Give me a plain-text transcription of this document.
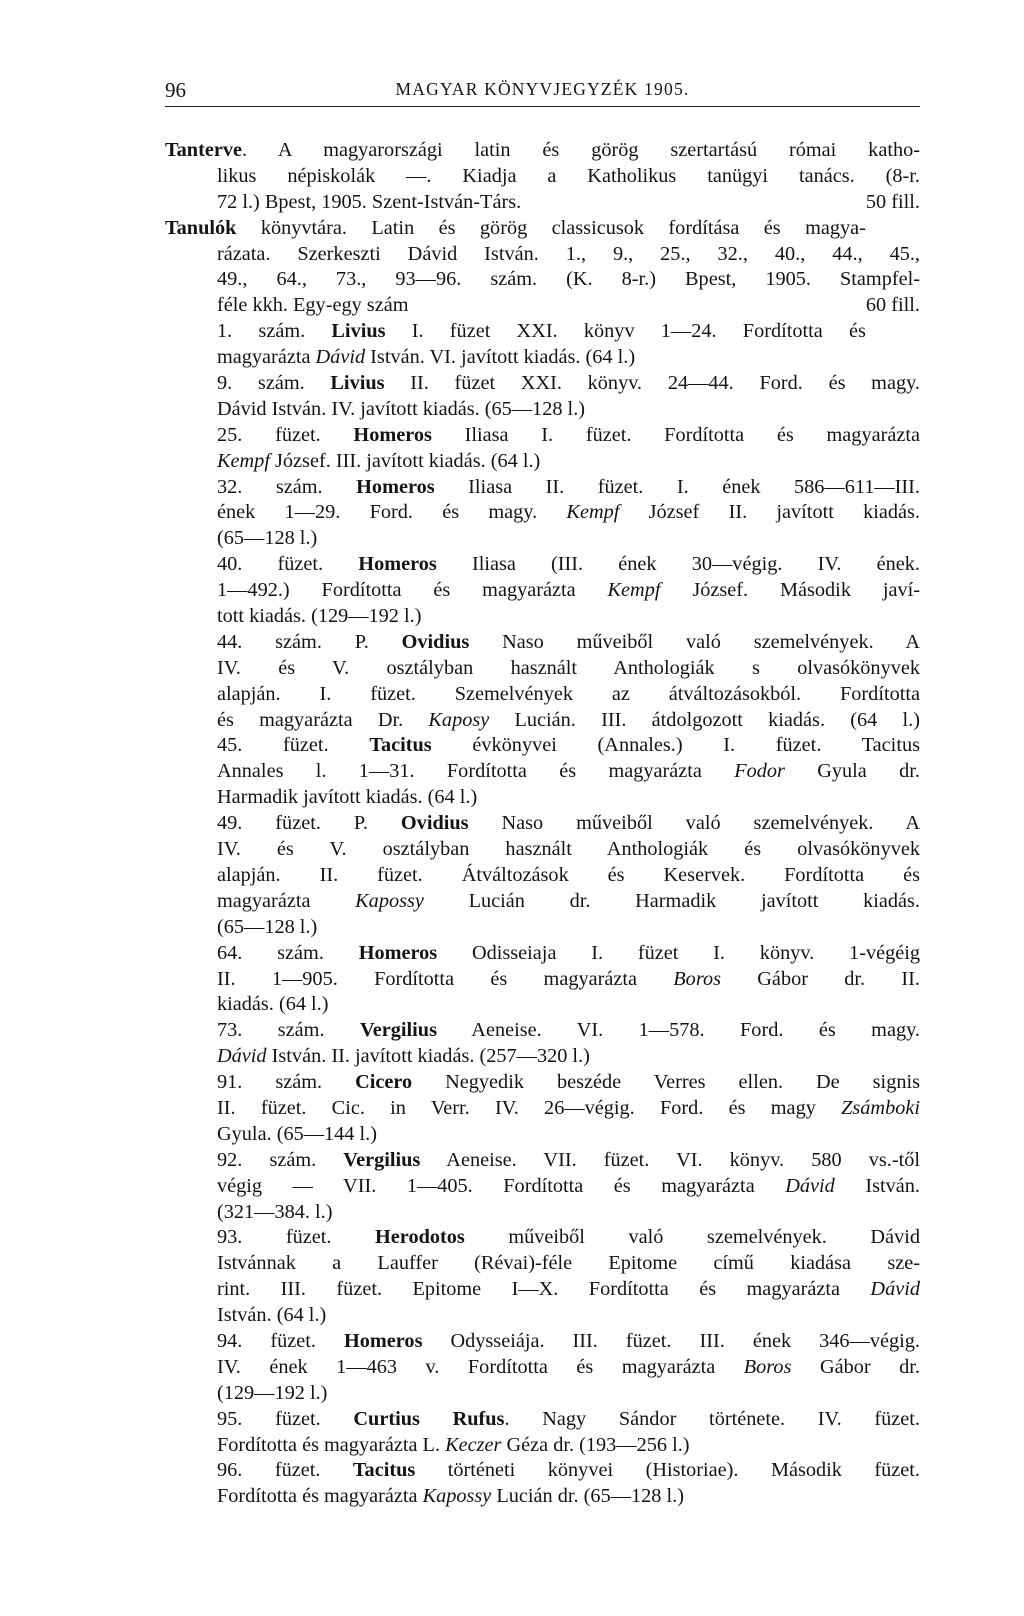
96	MAGYAR KÖNYVJEGYZÉK 1905.
Tanterve. A magyarországi latin és görög szertartású római katho-
likus népiskolák —. Kiadja a Katholikus tanügyi tanács. (8-r.
50 fill.
72 l.) Bpest, 1905. Szent-István-Társ.
Tanulók könyvtára. Latin és görög classicusok fordítása és magya-
rázata. Szerkeszti Dávid István. 1., 9., 25., 32., 40., 44., 45.,
49., 64., 73., 93—96. szám. (K. 8-r.) Bpest, 1905. Stampfel-
60 fill.
féle kkh. Egy-egy szám
1. szám. Livius I. füzet XXI. könyv 1—24. Fordította és
magyarázta Dávid István. VI. javított kiadás. (64 l.)
9. szám. Livius II. füzet XXI. könyv. 24—44. Ford. és magy.
Dávid István. IV. javított kiadás. (65—128 l.)
25. füzet. Homeros Iliasa I. füzet. Fordította és magyarázta
Kempf József. III. javított kiadás. (64 l.)
32. szám. Homeros Iliasa II. füzet. I. ének 586—611—III.
ének 1—29. Ford. és magy. Kempf József II. javított kiadás.
(65—128 l.)
40. füzet. Homeros Iliasa (III. ének 30—végig. IV. ének.
1—492.) Fordította és magyarázta Kempf József. Második javí-
tott kiadás. (129—192 l.)
44. szám. P. Ovidius Naso műveiből való szemelvények. A
IV. és V. osztályban használt Anthologiák s olvasókönyvek
alapján. I. füzet. Szemelvények az átváltozásokból. Fordította
és magyarázta Dr. Kaposy Lucián. III. átdolgozott kiadás. (64 l.)
45. füzet. Tacitus évkönyvei (Annales.) I. füzet. Tacitus
Annales l. 1—31. Fordította és magyarázta Fodor Gyula dr.
Harmadik javított kiadás. (64 l.)
49. füzet. P. Ovidius Naso műveiből való szemelvények. A
IV. és V. osztályban használt Anthologiák és olvasókönyvek
alapján. II. füzet. Átváltozások és Keservek. Fordította és
magyarázta Kapossy Lucián dr. Harmadik javított kiadás.
(65—128 l.)
64. szám. Homeros Odisseiaja I. füzet I. könyv. 1-végéig
II. 1—905. Fordította és magyarázta Boros Gábor dr. II.
kiadás. (64 l.)
73. szám. Vergilius Aeneise. VI. 1—578. Ford. és magy.
Dávid István. II. javított kiadás. (257—320 l.)
91. szám. Cicero Negyedik beszéde Verres ellen. De signis
II. füzet. Cic. in Verr. IV. 26—végig. Ford. és magy Zsámboki
Gyula. (65—144 l.)
92. szám. Vergilius Aeneise. VII. füzet. VI. könyv. 580 vs.-től
végig — VII. 1—405. Fordította és magyarázta Dávid István.
(321—384. l.)
93. füzet. Herodotos műveiből való szemelvények. Dávid
Istvánnak a Lauffer (Révai)-féle Epitome című kiadása sze-
rint. III. füzet. Epitome I—X. Fordította és magyarázta Dávid
István. (64 l.)
94. füzet. Homeros Odysseiája. III. füzet. III. ének 346—végig.
IV. ének 1—463 v. Fordította és magyarázta Boros Gábor dr.
(129—192 l.)
95. füzet. Curtius Rufus. Nagy Sándor története. IV. füzet.
Fordította és magyarázta L. Keczer Géza dr. (193—256 l.)
96. füzet. Tacitus történeti könyvei (Historiae). Második füzet.
Fordította és magyarázta Kapossy Lucián dr. (65—128 l.)
